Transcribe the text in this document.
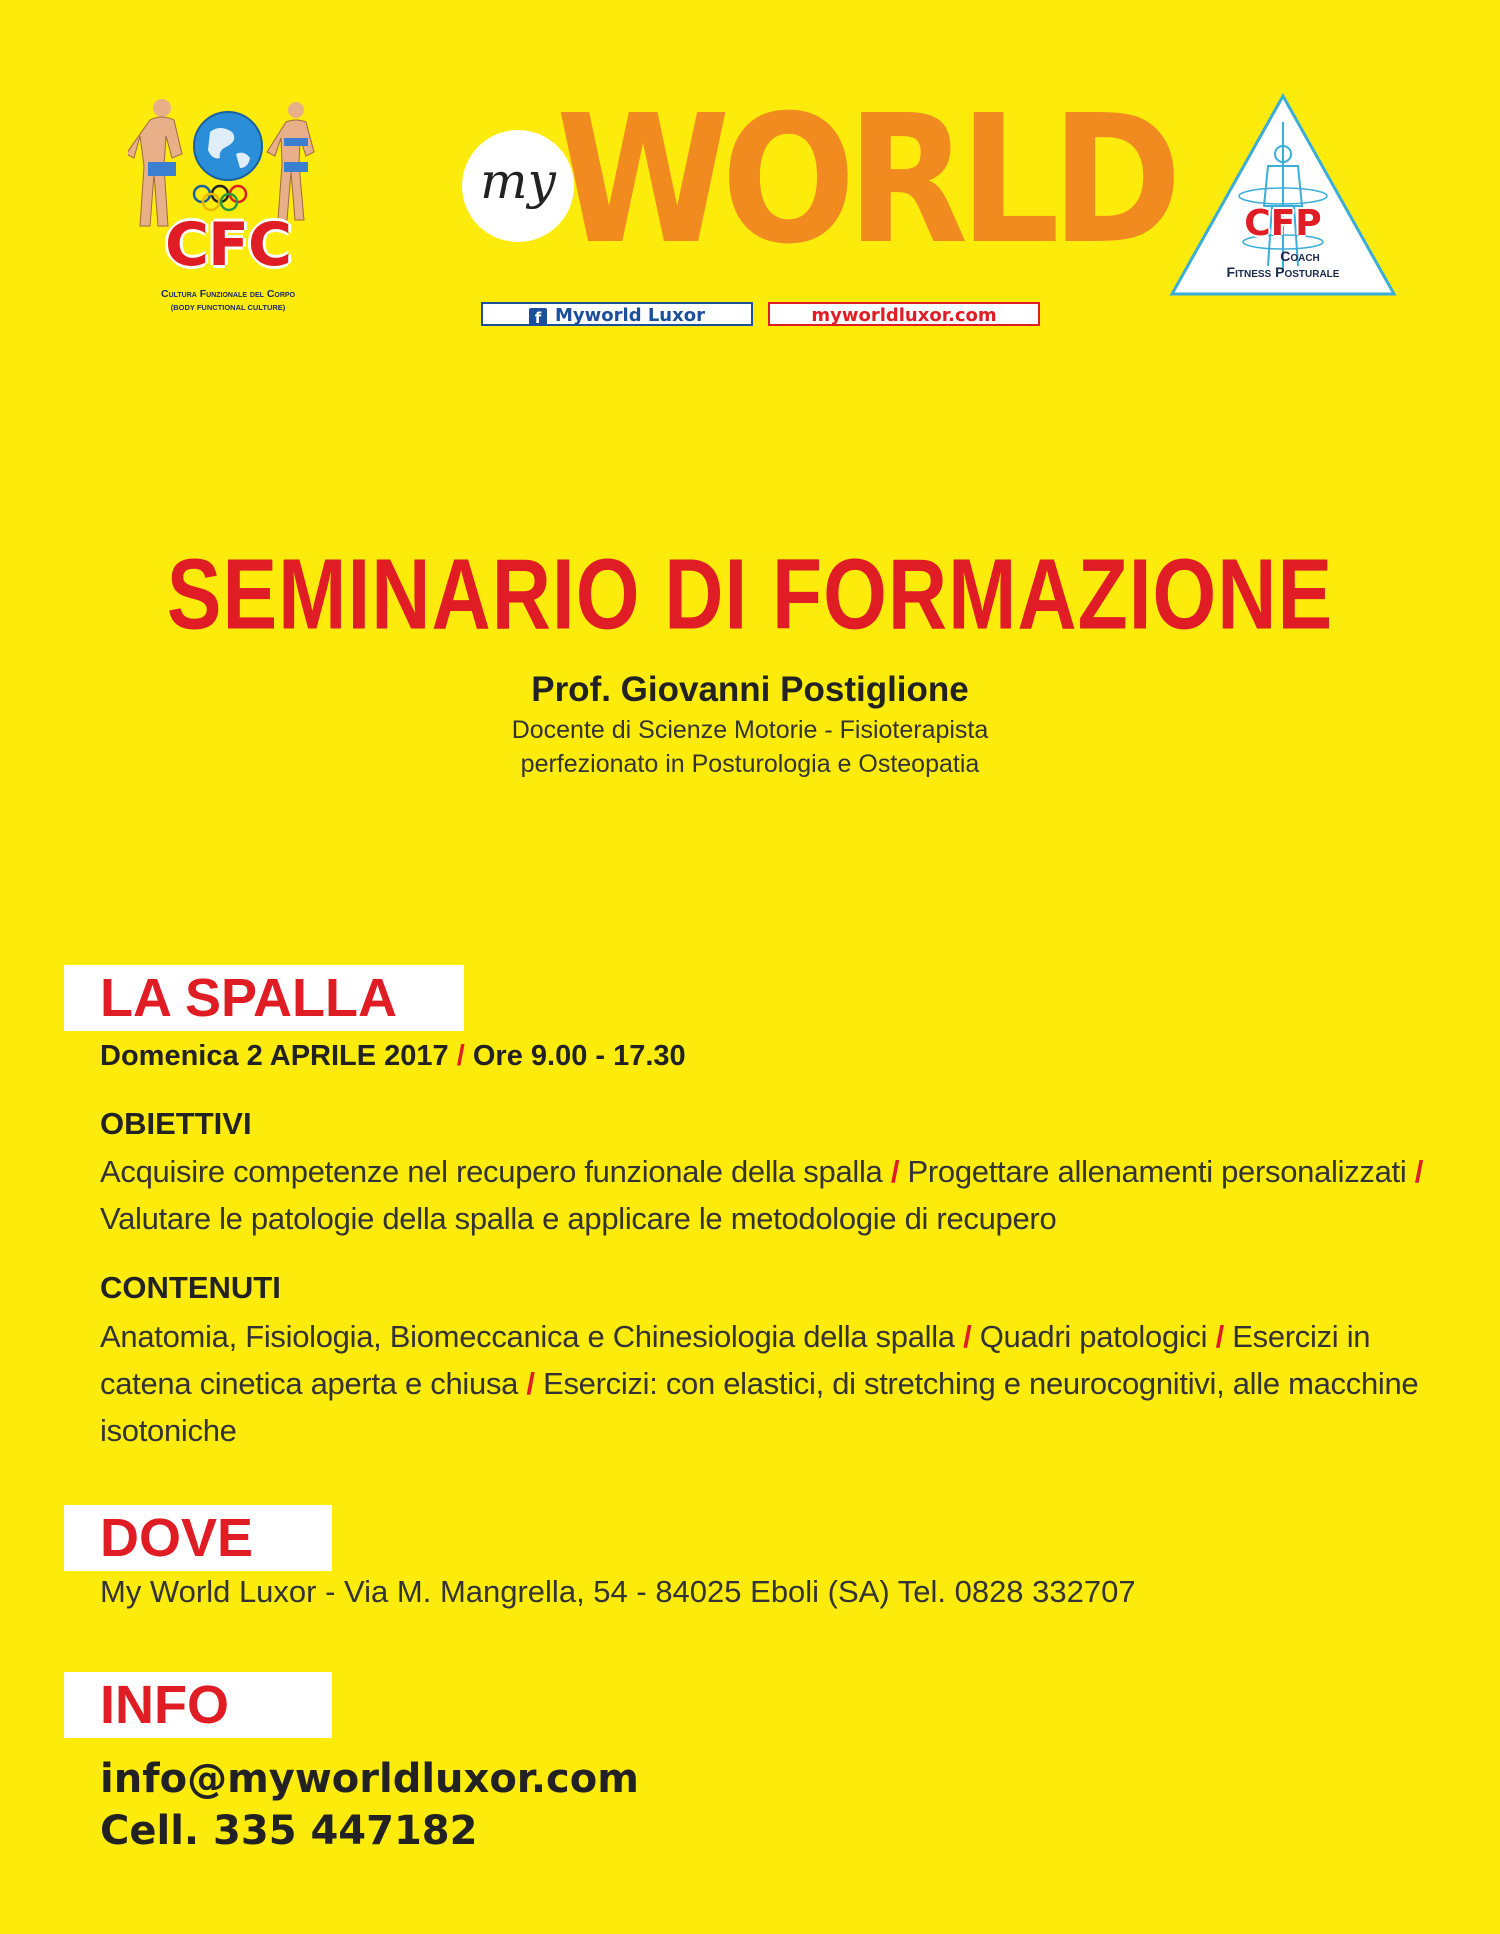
CFC
Cultura Funzionale del Corpo
(BODY FUNCTIONAL CULTURE)
my WORLD
f Myworld Luxor	myworldluxor.com
CFP
Coach
Fitness Posturale
SEMINARIO DI FORMAZIONE
Prof. Giovanni Postiglione
Docente di Scienze Motorie - Fisioterapista
perfezionato in Posturologia e Osteopatia
LA SPALLA
Domenica 2 APRILE 2017 / Ore 9.00 - 17.30
OBIETTIVI
Acquisire competenze nel recupero funzionale della spalla / Progettare allenamenti personalizzati / Valutare le patologie della spalla e applicare le metodologie di recupero
CONTENUTI
Anatomia, Fisiologia, Biomeccanica e Chinesiologia della spalla / Quadri patologici / Esercizi in catena cinetica aperta e chiusa / Esercizi: con elastici, di stretching e neurocognitivi, alle macchine isotoniche
DOVE
My World Luxor - Via M. Mangrella, 54 - 84025 Eboli (SA) Tel. 0828 332707
INFO
info@myworldluxor.com
Cell. 335 447182
